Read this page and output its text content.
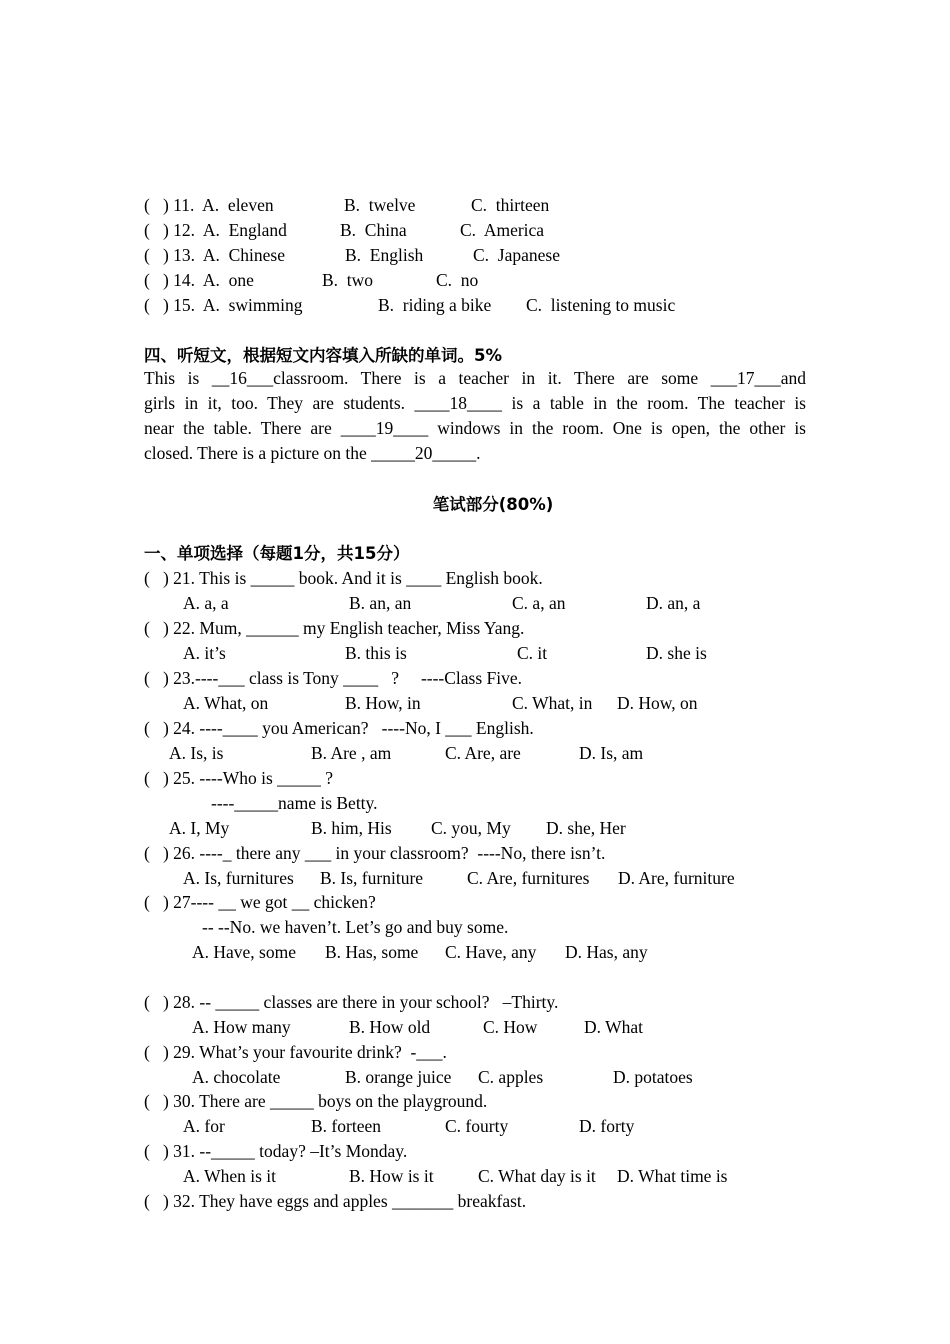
(   ) 11.  A.  eleven	B.  twelve	C.  thirteen
(   ) 12.  A.  England	B.  China	C.  America
(   ) 13.  A.  Chinese	B.  English	C.  Japanese
(   ) 14.  A.  one	B.  two	C.  no
(   ) 15.  A.  swimming	B.  riding a bike C.  listening to music
四、听短文，根据短文内容填入所缺的单词。5%
This is __16___classroom. There is a teacher in it. There are some ___17___and
girls in it, too. They are students. ____18____ is a table in the room. The teacher is
near the table. There are ____19____ windows in the room. One is open, the other is
closed. There is a picture on the _____20_____.
笔试部分(80%)
一、单项选择（每题1分，共15分）
(   ) 21. This is _____ book. And it is ____ English book.
A. a, a	B. an, an	C. a, an	D. an, a
(   ) 22. Mum, ______ my English teacher, Miss Yang.
A. it’s	B. this is	C. it	D. she is
(   ) 23.----___ class is Tony ____   ?     ----Class Five.
A. What, on	B. How, in	C. What, in D. How, on
(   ) 24. ----____ you American?   ----No, I ___ English.
A. Is, is	B. Are , am	C. Are, are	D. Is, am
(   ) 25. ----Who is _____ ?
----_____name is Betty.
A. I, My	B. him, His C. you, My D. she, Her
(   ) 26. ----_ there any ___ in your classroom?  ----No, there isn’t.
A. Is, furnitures B. Is, furniture	C. Are, furnitures D. Are, furniture
(   ) 27---- __ we got __ chicken?
-- --No. we haven’t. Let’s go and buy some.
A. Have, some B. Has, some C. Have, any D. Has, any
(   ) 28. -- _____ classes are there in your school?   –Thirty.
A. How many	B. How old	C. How	D. What
(   ) 29. What’s your favourite drink?  -___.
A. chocolate	B. orange juice C. apples	D. potatoes
(   ) 30. There are _____ boys on the playground.
A. for	B. forteen	C. fourty	D. forty
(   ) 31. --_____ today? –It’s Monday.
A. When is it	B. How is it	C. What day is it D. What time is
(   ) 32. They have eggs and apples _______ breakfast.
